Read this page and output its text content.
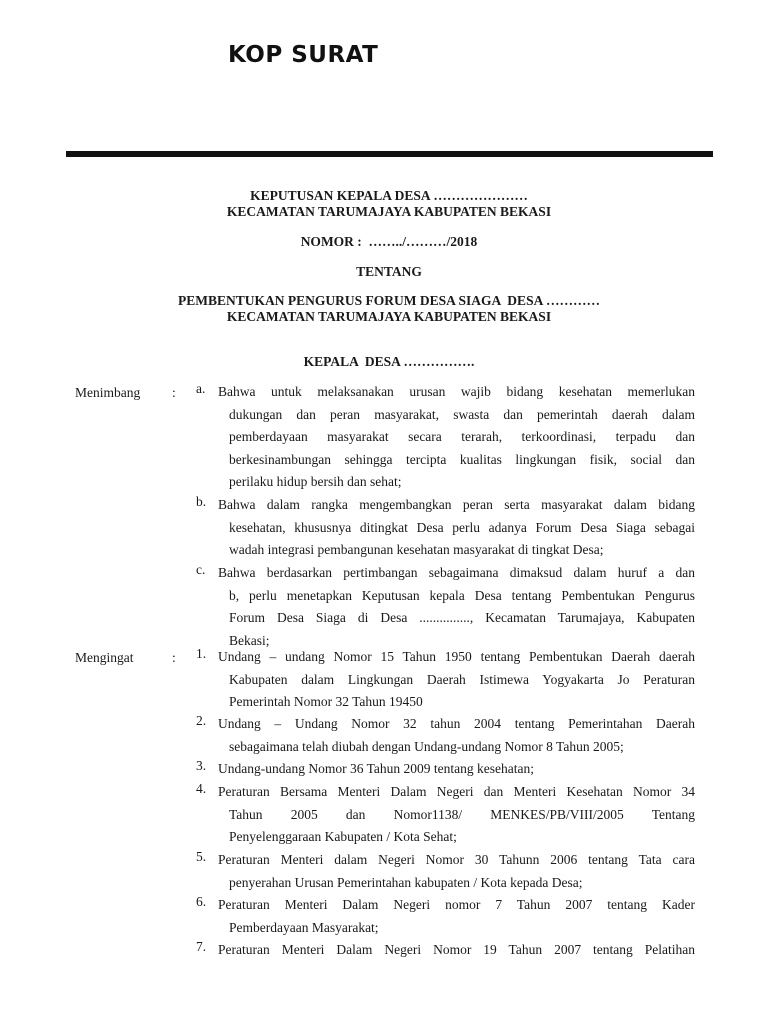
KOP SURAT
KEPUTUSAN KEPALA DESA …………………
KECAMATAN TARUMAJAYA KABUPATEN BEKASI
NOMOR :  ……../………/2018
TENTANG
PEMBENTUKAN PENGURUS FORUM DESA SIAGA  DESA …………
KECAMATAN TARUMAJAYA KABUPATEN BEKASI
KEPALA  DESA …………….
Menimbang : a. Bahwa untuk melaksanakan urusan wajib bidang kesehatan memerlukan
dukungan dan peran masyarakat, swasta dan pemerintah daerah dalam
pemberdayaan masyarakat secara terarah, terkoordinasi, terpadu dan
berkesinambungan sehingga tercipta kualitas lingkungan fisik, social dan
perilaku hidup bersih dan sehat;
b. Bahwa dalam rangka mengembangkan peran serta masyarakat dalam bidang
kesehatan, khususnya ditingkat Desa perlu adanya Forum Desa Siaga sebagai
wadah integrasi pembangunan kesehatan masyarakat di tingkat Desa;
c. Bahwa berdasarkan pertimbangan sebagaimana dimaksud dalam huruf a dan
b, perlu menetapkan Keputusan kepala Desa tentang Pembentukan Pengurus
Forum Desa Siaga di Desa ..............., Kecamatan Tarumajaya, Kabupaten
Bekasi;
Mengingat	: 1. Undang – undang Nomor 15 Tahun 1950 tentang Pembentukan Daerah daerah
Kabupaten dalam Lingkungan Daerah Istimewa Yogyakarta Jo Peraturan
Pemerintah Nomor 32 Tahun 19450
2. Undang – Undang Nomor 32 tahun 2004 tentang Pemerintahan Daerah
sebagaimana telah diubah dengan Undang-undang Nomor 8 Tahun 2005;
3. Undang-undang Nomor 36 Tahun 2009 tentang kesehatan;
4. Peraturan Bersama Menteri Dalam Negeri dan Menteri Kesehatan Nomor 34
Tahun 2005 dan Nomor1138/ MENKES/PB/VIII/2005 Tentang
Penyelenggaraan Kabupaten / Kota Sehat;
5. Peraturan Menteri dalam Negeri Nomor 30 Tahunn 2006 tentang Tata cara
penyerahan Urusan Pemerintahan kabupaten / Kota kepada Desa;
6. Peraturan Menteri Dalam Negeri nomor 7 Tahun 2007 tentang Kader
Pemberdayaan Masyarakat;
7. Peraturan Menteri Dalam Negeri Nomor 19 Tahun 2007 tentang Pelatihan
